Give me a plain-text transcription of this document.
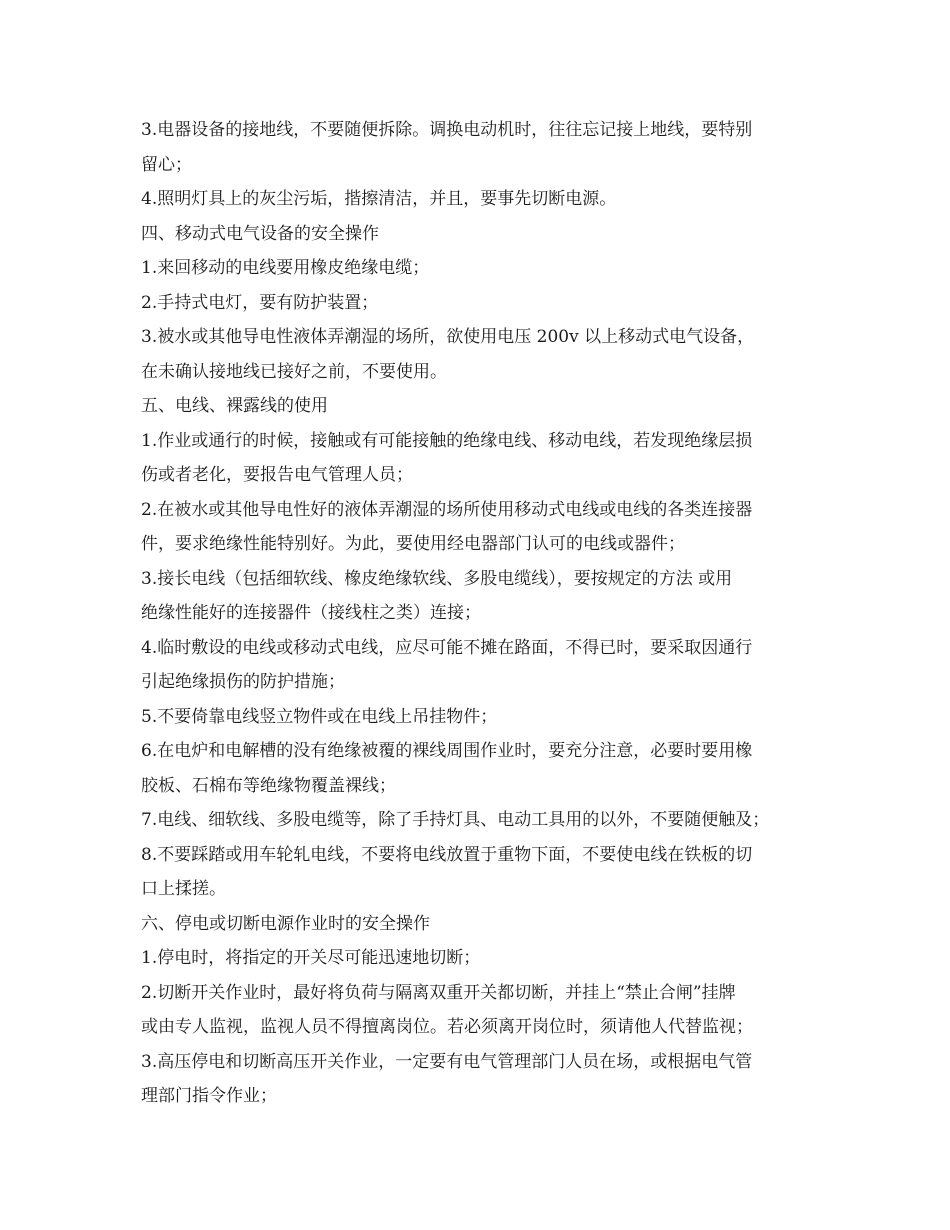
3.电器设备的接地线，不要随便拆除。调换电动机时，往往忘记接上地线，要特别
留心；
4.照明灯具上的灰尘污垢，揩擦清洁，并且，要事先切断电源。
四、移动式电气设备的安全操作
1.来回移动的电线要用橡皮绝缘电缆；
2.手持式电灯，要有防护装置；
3.被水或其他导电性液体弄潮湿的场所，欲使用电压 200v 以上移动式电气设备，
在未确认接地线已接好之前，不要使用。
五、电线、裸露线的使用
1.作业或通行的时候，接触或有可能接触的绝缘电线、移动电线，若发现绝缘层损
伤或者老化，要报告电气管理人员；
2.在被水或其他导电性好的液体弄潮湿的场所使用移动式电线或电线的各类连接器
件，要求绝缘性能特别好。为此，要使用经电器部门认可的电线或器件；
3.接长电线（包括细软线、橡皮绝缘软线、多股电缆线），要按规定的方法 或用
绝缘性能好的连接器件（接线柱之类）连接；
4.临时敷设的电线或移动式电线，应尽可能不摊在路面，不得已时，要采取因通行
引起绝缘损伤的防护措施；
5.不要倚靠电线竖立物件或在电线上吊挂物件；
6.在电炉和电解槽的没有绝缘被覆的裸线周围作业时，要充分注意，必要时要用橡
胶板、石棉布等绝缘物覆盖裸线；
7.电线、细软线、多股电缆等，除了手持灯具、电动工具用的以外，不要随便触及；
8.不要踩踏或用车轮轧电线，不要将电线放置于重物下面，不要使电线在铁板的切
口上揉搓。
六、停电或切断电源作业时的安全操作
1.停电时，将指定的开关尽可能迅速地切断；
2.切断开关作业时，最好将负荷与隔离双重开关都切断，并挂上“禁止合闸”挂牌
或由专人监视，监视人员不得擅离岗位。若必须离开岗位时，须请他人代替监视；
3.高压停电和切断高压开关作业，一定要有电气管理部门人员在场，或根据电气管
理部门指令作业；
